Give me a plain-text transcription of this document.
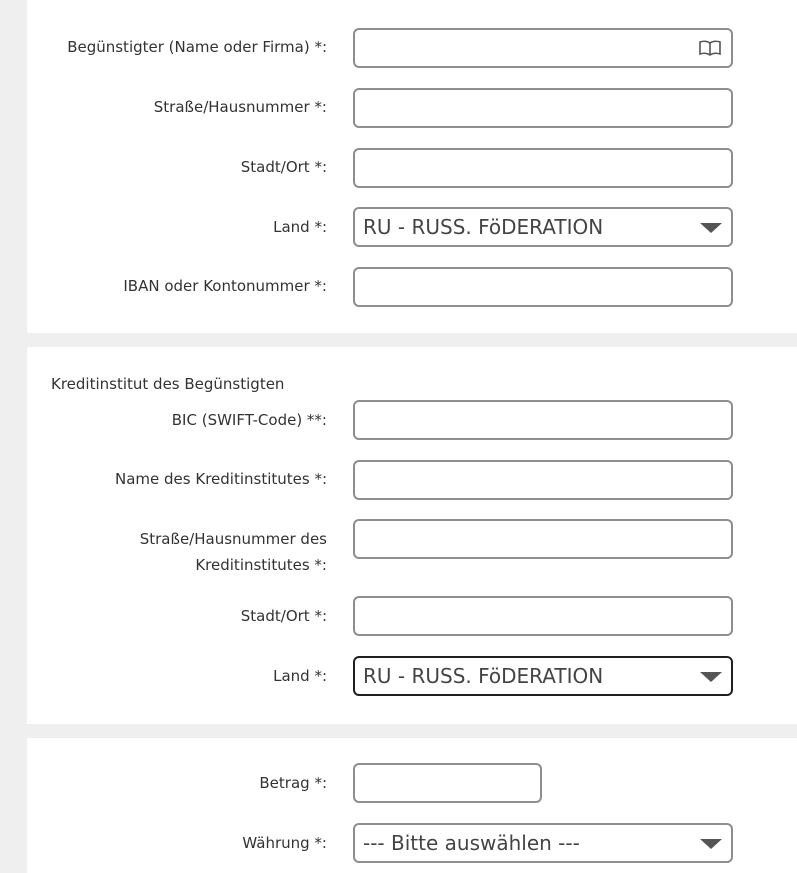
Begünstigter (Name oder Firma) *:
Straße/Hausnummer *:
Stadt/Ort *:
Land *: RU - RUSS. FöDERATION
IBAN oder Kontonummer *:
Kreditinstitut des Begünstigten
BIC (SWIFT-Code) **:
Name des Kreditinstitutes *:
Straße/Hausnummer des
Kreditinstitutes *:
Stadt/Ort *:
Land *: RU - RUSS. FöDERATION
Betrag *:
Währung *: --- Bitte auswählen ---
